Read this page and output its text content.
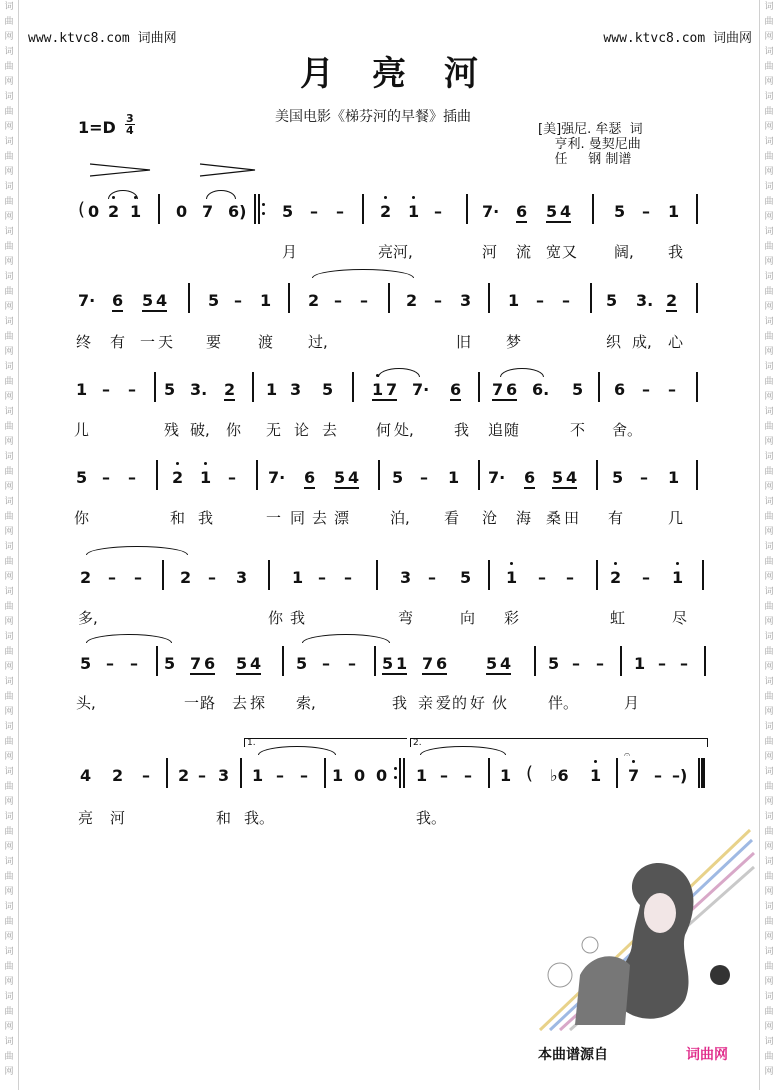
词
曲
网
词
曲
网
词
曲
网
词
曲
网
词
曲
网
词
曲
网
词
曲
网
词
曲
网
词
曲
网
词
曲
网
词
曲
网
词
曲
网
词
曲
网
词
曲
网
词
曲
网
词
曲
网
词
曲
网
词
曲
网
词
曲
网
词
曲
网
词
曲
网
词
曲
网
词
曲
网
词
曲
网
词
曲
网
词
曲
网
词
曲
网
词
曲
网
词
曲
网
词
曲
网
词
曲
网
词
曲
网
词
曲
网
词
曲
网
词
曲
网
词
曲
网
词
曲
网
词
曲
网
词
曲
网
词
曲
网
词
曲
网
词
曲
网
词
曲
网
词
曲
网
词
曲
网
词
曲
网
词
曲
网
词
曲
网
www.ktvc8.com 词曲网	www.ktvc8.com 词曲网
月亮河
$1=D \frac{3}{4}$	美国电影《梯芬河的早餐》插曲
[美]强尼. 牟瑟  词
亨利. 曼契尼曲
任     钢 制谱
( 0 2 1 0 7 6) 5 – – 2 1 –	7· 6 5 4	5 – 1
月	亮河,	河 流 宽 又 阔, 我
7· 6 5 4	5 – 1 2 – – 2 – 3 1 – – 5 3. 2
终 有 一 天 要 渡 过,	旧 梦	织 成, 心
1 – – 5 3. 2 1 3 5 1 7 7· 6 7 6 6. 5 6 – –
儿	残 破, 你 无 论 去	何 处,	我 追 随	不 舍。
5 – – 2 1 – 7· 6 5 4 5 – 1 7· 6 5 4 5 – 1
你	和 我	一 同 去 漂	泊, 看 沧 海 桑 田 有	几
2 – – 2 – 3	1 – –	3 – 5 1 – – 2 – 1
多,	你 我	弯	向 彩	虹	尽
5 – – 5 7 6 5 4 5 – – 5 1 7 6 5 4 5 – – 1 – –
头,	一 路 去 探 索,	我 亲 爱 的 好 伙	伴。	月
1.	2.
4 2 – 2 – 3 1 – – 1 0 0 1 – – 1 ( ♭6 1
𝄐
7 – –)
亮 河	和 我。	我。
本曲谱源自	词曲网
